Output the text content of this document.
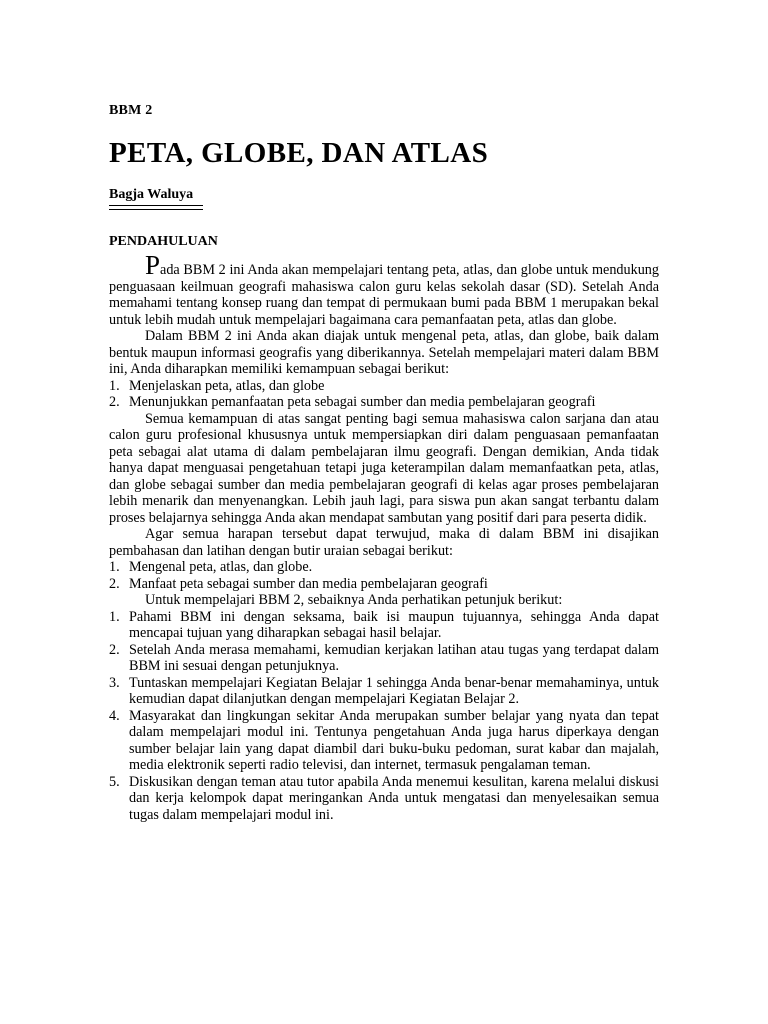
BBM 2
PETA, GLOBE, DAN ATLAS
Bagja Waluya
PENDAHULUAN

Pada BBM 2 ini Anda akan mempelajari tentang peta, atlas, dan globe untuk mendukung penguasaan keilmuan geografi mahasiswa calon guru kelas sekolah dasar (SD). Setelah Anda memahami tentang konsep ruang dan tempat di permukaan bumi pada BBM 1 merupakan bekal untuk lebih mudah untuk mempelajari bagaimana cara pemanfaatan peta, atlas dan globe.

Dalam BBM 2 ini Anda akan diajak untuk mengenal peta, atlas, dan globe, baik dalam bentuk maupun informasi geografis yang diberikannya. Setelah mempelajari materi dalam BBM ini, Anda diharapkan memiliki kemampuan sebagai berikut:

1. Menjelaskan peta, atlas, dan globe
2. Menunjukkan pemanfaatan peta sebagai sumber dan media pembelajaran geografi

Semua kemampuan di atas sangat penting bagi semua mahasiswa calon sarjana dan atau calon guru profesional khususnya untuk mempersiapkan diri dalam penguasaan pemanfaatan peta sebagai alat utama di dalam pembelajaran ilmu geografi. Dengan demikian, Anda tidak hanya dapat menguasai pengetahuan tetapi juga keterampilan dalam memanfaatkan peta, atlas, dan globe sebagai sumber dan media pembelajaran geografi di kelas agar proses pembelajaran lebih menarik dan menyenangkan. Lebih jauh lagi, para siswa pun akan sangat terbantu dalam proses belajarnya sehingga Anda akan mendapat sambutan yang positif dari para peserta didik.

Agar semua harapan tersebut dapat terwujud, maka di dalam BBM ini disajikan pembahasan dan latihan dengan butir uraian sebagai berikut:

1. Mengenal peta, atlas, dan globe.
2. Manfaat peta sebagai sumber dan media pembelajaran geografi

Untuk mempelajari BBM 2, sebaiknya Anda perhatikan petunjuk berikut:

1. Pahami BBM ini dengan seksama, baik isi maupun tujuannya, sehingga Anda dapat mencapai tujuan yang diharapkan sebagai hasil belajar.
2. Setelah Anda merasa memahami, kemudian kerjakan latihan atau tugas yang terdapat dalam BBM ini sesuai dengan petunjuknya.
3. Tuntaskan mempelajari Kegiatan Belajar 1 sehingga Anda benar-benar memahaminya, untuk kemudian dapat dilanjutkan dengan mempelajari Kegiatan Belajar 2.
4. Masyarakat dan lingkungan sekitar Anda merupakan sumber belajar yang nyata dan tepat dalam mempelajari modul ini. Tentunya pengetahuan Anda juga harus diperkaya dengan sumber belajar lain yang dapat diambil dari buku-buku pedoman, surat kabar dan majalah, media elektronik seperti radio televisi, dan internet, termasuk pengalaman teman.
5. Diskusikan dengan teman atau tutor apabila Anda menemui kesulitan, karena melalui diskusi dan kerja kelompok dapat meringankan Anda untuk mengatasi dan menyelesaikan semua tugas dalam mempelajari modul ini.
